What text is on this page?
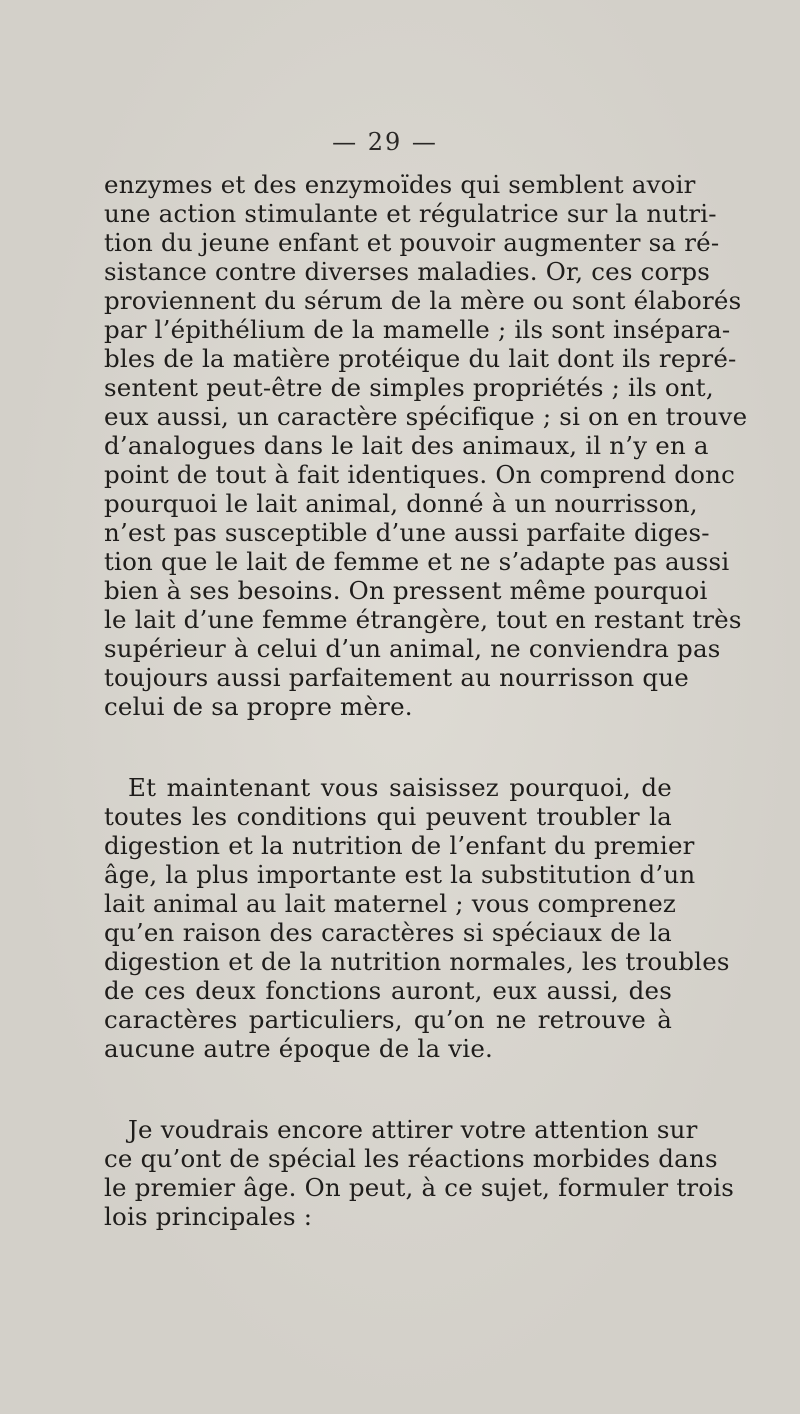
— 29 —
enzymes et des enzymoïdes qui semblent avoir
une action stimulante et régulatrice sur la nutri-
tion du jeune enfant et pouvoir augmenter sa ré-
sistance contre diverses maladies. Or, ces corps
proviennent du sérum de la mère ou sont élaborés
par l’épithélium de la mamelle ; ils sont insépara-
bles de la matière protéique du lait dont ils repré-
sentent peut-être de simples propriétés ; ils ont,
eux aussi, un caractère spécifique ; si on en trouve
d’analogues dans le lait des animaux, il n’y en a
point de tout à fait identiques. On comprend donc
pourquoi le lait animal, donné à un nourrisson,
n’est pas susceptible d’une aussi parfaite diges-
tion que le lait de femme et ne s’adapte pas aussi
bien à ses besoins. On pressent même pourquoi
le lait d’une femme étrangère, tout en restant très
supérieur à celui d’un animal, ne conviendra pas
toujours aussi parfaitement au nourrisson que
celui de sa propre mère.
Et maintenant vous saisissez pourquoi, de
toutes les conditions qui peuvent troubler la
digestion et la nutrition de l’enfant du premier
âge, la plus importante est la substitution d’un
lait animal au lait maternel ; vous comprenez
qu’en raison des caractères si spéciaux de la
digestion et de la nutrition normales, les troubles
de ces deux fonctions auront, eux aussi, des
caractères particuliers, qu’on ne retrouve à
aucune autre époque de la vie.
Je voudrais encore attirer votre attention sur
ce qu’ont de spécial les réactions morbides dans
le premier âge. On peut, à ce sujet, formuler trois
lois principales :
